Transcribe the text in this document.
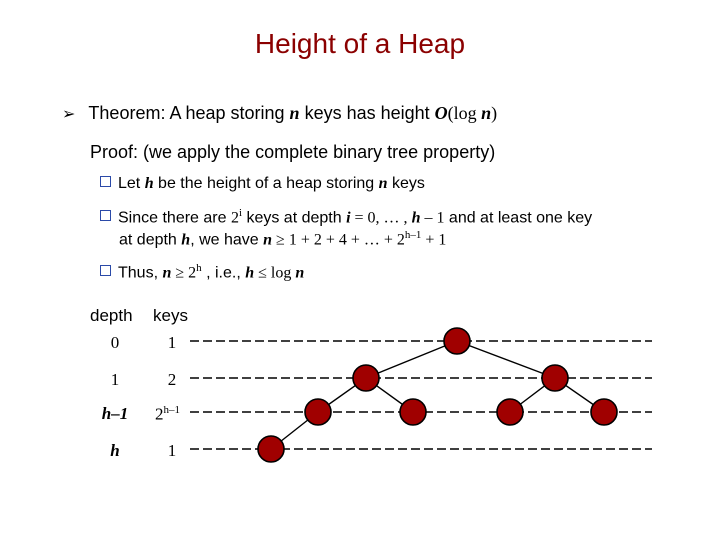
Height of a Heap
➢ Theorem: A heap storing n keys has height O(log n)
Proof: (we apply the complete binary tree property)
Let h be the height of a heap storing n keys
Since there are 2$^i$ keys at depth i = 0, … , h – 1 and at least one key
at depth h, we have n ≥ 1 + 2 + 4 + … + $2^{h-1} + 1$
Thus, $n \ge 2^h$ , i.e., h ≤ log n
depth keys
0	1
1	2
h–1	2$^{h-1}$
h	1
